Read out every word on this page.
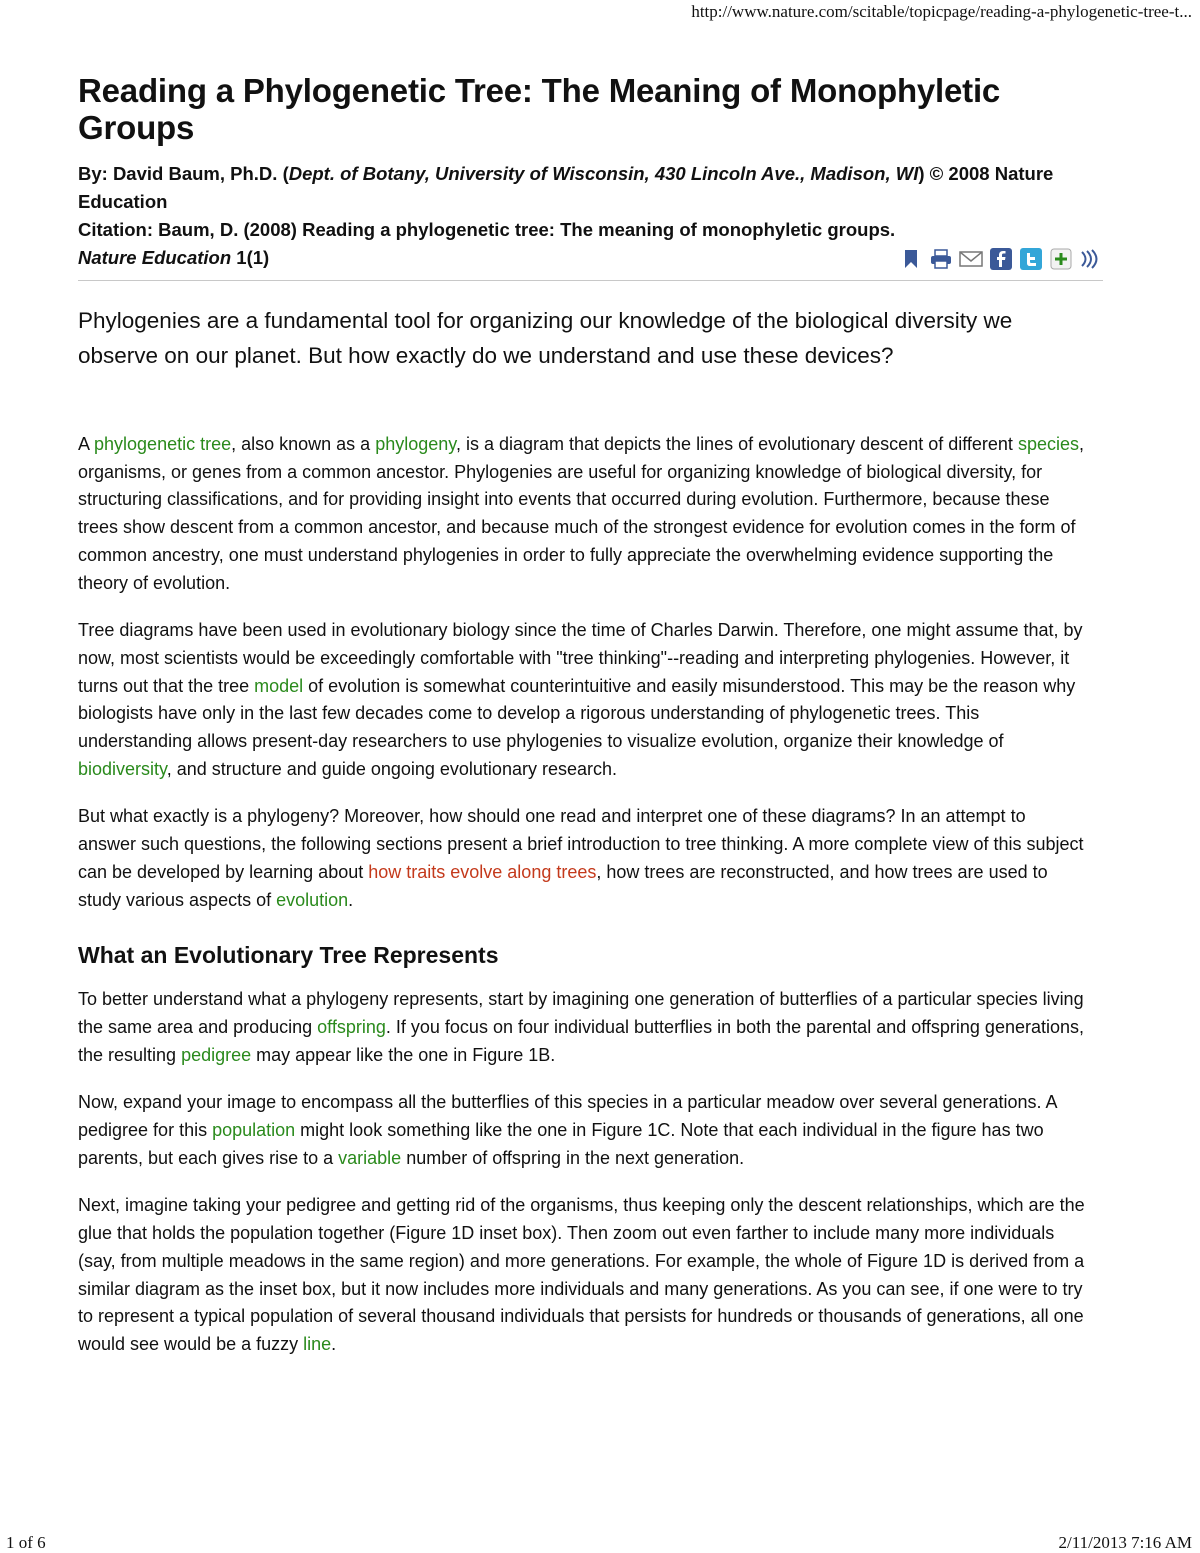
http://www.nature.com/scitable/topicpage/reading-a-phylogenetic-tree-t...
Reading a Phylogenetic Tree: The Meaning of Monophyletic Groups
By: David Baum, Ph.D. (Dept. of Botany, University of Wisconsin, 430 Lincoln Ave., Madison, WI) © 2008 Nature Education
Citation: Baum, D. (2008) Reading a phylogenetic tree: The meaning of monophyletic groups. Nature Education 1(1)

Phylogenies are a fundamental tool for organizing our knowledge of the biological diversity we observe on our planet. But how exactly do we understand and use these devices?

A phylogenetic tree, also known as a phylogeny, is a diagram that depicts the lines of evolutionary descent of different species, organisms, or genes from a common ancestor. Phylogenies are useful for organizing knowledge of biological diversity, for structuring classifications, and for providing insight into events that occurred during evolution. Furthermore, because these trees show descent from a common ancestor, and because much of the strongest evidence for evolution comes in the form of common ancestry, one must understand phylogenies in order to fully appreciate the overwhelming evidence supporting the theory of evolution.

Tree diagrams have been used in evolutionary biology since the time of Charles Darwin. Therefore, one might assume that, by now, most scientists would be exceedingly comfortable with "tree thinking"--reading and interpreting phylogenies. However, it turns out that the tree model of evolution is somewhat counterintuitive and easily misunderstood. This may be the reason why biologists have only in the last few decades come to develop a rigorous understanding of phylogenetic trees. This understanding allows present-day researchers to use phylogenies to visualize evolution, organize their knowledge of biodiversity, and structure and guide ongoing evolutionary research.

But what exactly is a phylogeny? Moreover, how should one read and interpret one of these diagrams? In an attempt to answer such questions, the following sections present a brief introduction to tree thinking. A more complete view of this subject can be developed by learning about how traits evolve along trees, how trees are reconstructed, and how trees are used to study various aspects of evolution.

What an Evolutionary Tree Represents

To better understand what a phylogeny represents, start by imagining one generation of butterflies of a particular species living the same area and producing offspring. If you focus on four individual butterflies in both the parental and offspring generations, the resulting pedigree may appear like the one in Figure 1B.

Now, expand your image to encompass all the butterflies of this species in a particular meadow over several generations. A pedigree for this population might look something like the one in Figure 1C. Note that each individual in the figure has two parents, but each gives rise to a variable number of offspring in the next generation.

Next, imagine taking your pedigree and getting rid of the organisms, thus keeping only the descent relationships, which are the glue that holds the population together (Figure 1D inset box). Then zoom out even farther to include many more individuals (say, from multiple meadows in the same region) and more generations. For example, the whole of Figure 1D is derived from a similar diagram as the inset box, but it now includes more individuals and many generations. As you can see, if one were to try to represent a typical population of several thousand individuals that persists for hundreds or thousands of generations, all one would see would be a fuzzy line.

1 of 6	2/11/2013 7:16 AM
